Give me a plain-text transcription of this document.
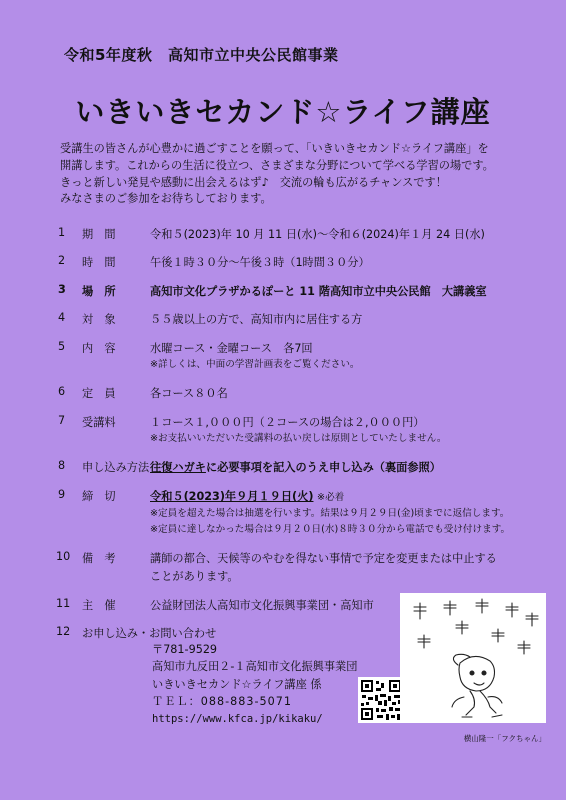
令和5年度秋　高知市立中央公民館事業
いきいきセカンド☆ライフ講座
受講生の皆さんが心豊かに過ごすことを願って、「いきいきセカンド☆ライフ講座」を
開講します。これからの生活に役立つ、さまざまな分野について学べる学習の場です。
きっと新しい発見や感動に出会えるはず♪　交流の輪も広がるチャンスです！
みなさまのご参加をお待ちしております。
1	期　間	令和５(2023)年 10 月 11 日(水)～令和６(2024)年１月 24 日(水)
2	時　間	午後１時３０分～午後３時（1時間３０分）
3	場　所	高知市文化プラザかるぽーと 11 階高知市立中央公民館　大講義室
4	対　象	５５歳以上の方で、高知市内に居住する方
5	内　容	水曜コース・金曜コース　各7回
※詳しくは、中面の学習計画表をご覧ください。
6	定　員	各コース８０名
7	受講料	１コース１,０００円（２コースの場合は２,０００円）
※お支払いいただいた受講料の払い戻しは原則としていたしません。
8	申し込み方法 往復ハガキに必要事項を記入のうえ申し込み（裏面参照）
9	締　切	令和５(2023)年９月１９日(火) ※必着
※定員を超えた場合は抽選を行います。結果は９月２９日(金)頃までに返信します。
※定員に達しなかった場合は９月２０日(水)８時３０分から電話でも受け付けます。
10	備　考	講師の都合、天候等のやむを得ない事情で予定を変更または中止する
ことがあります。
11	主　催	公益財団法人高知市文化振興事業団・高知市
12	お申し込み・お問い合わせ
〒781-9529
高知市九反田２-１高知市文化振興事業団
いきいきセカンド☆ライフ講座 係
ＴＥＬ：088-883-5071
https://www.kfca.jp/kikaku/
横山隆一「フクちゃん」
